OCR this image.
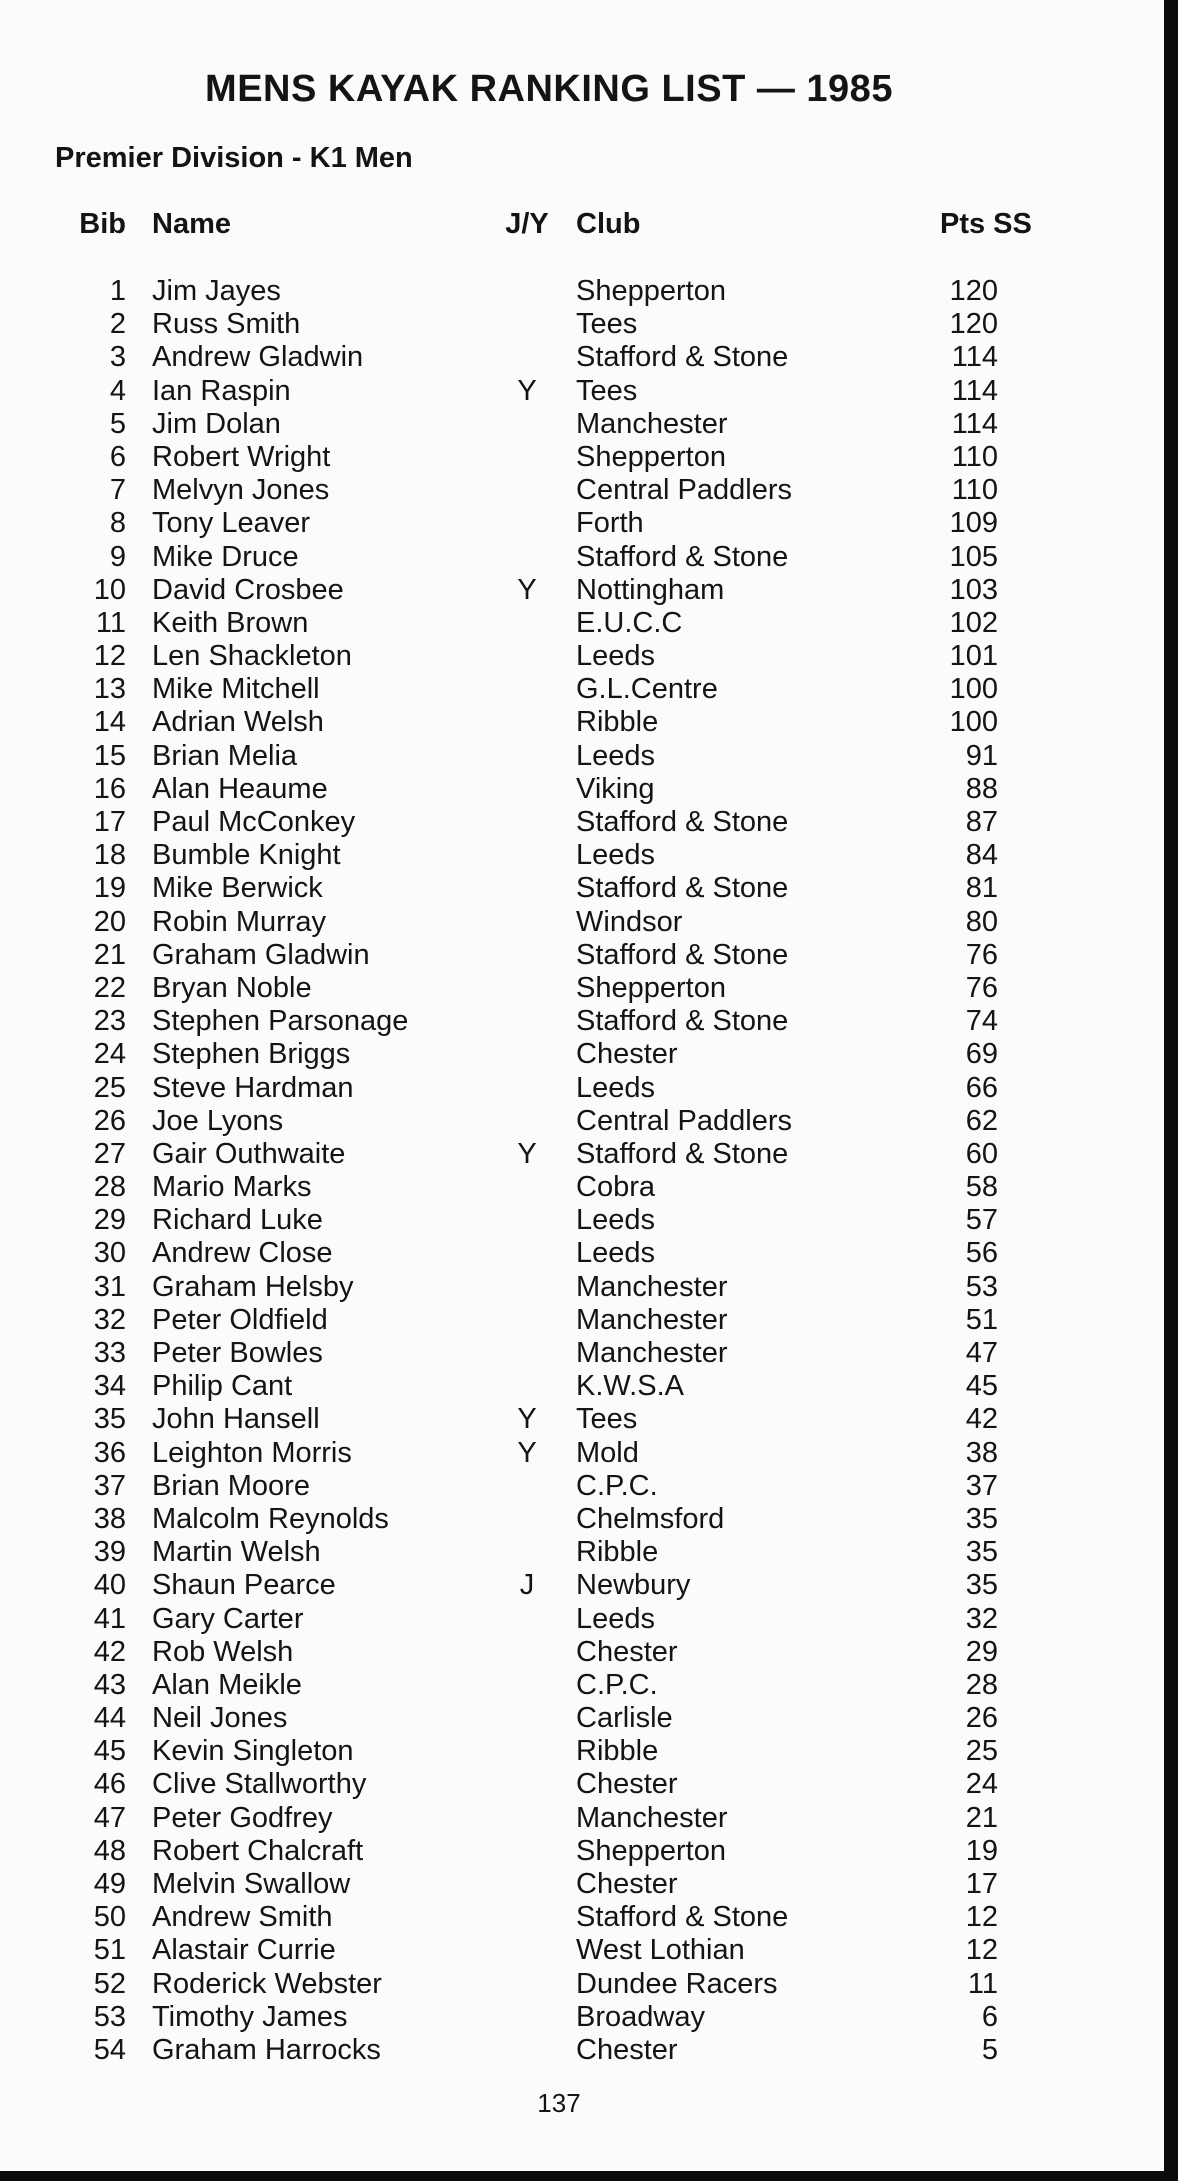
MENS KAYAK RANKING LIST — 1985
Premier Division - K1 Men
Bib Name	J/Y Club	Pts SS
1 Jim Jayes	Shepperton	120
2 Russ Smith	Tees	120
3 Andrew Gladwin	Stafford & Stone	114
4 Ian Raspin	Y	Tees	114
5 Jim Dolan	Manchester	114
6 Robert Wright	Shepperton	110
7 Melvyn Jones	Central Paddlers	110
8 Tony Leaver	Forth	109
9 Mike Druce	Stafford & Stone	105
10 David Crosbee	Y	Nottingham	103
11 Keith Brown	E.U.C.C	102
12 Len Shackleton	Leeds	101
13 Mike Mitchell	G.L.Centre	100
14 Adrian Welsh	Ribble	100
15 Brian Melia	Leeds	91
16 Alan Heaume	Viking	88
17 Paul McConkey	Stafford & Stone	87
18 Bumble Knight	Leeds	84
19 Mike Berwick	Stafford & Stone	81
20 Robin Murray	Windsor	80
21 Graham Gladwin	Stafford & Stone	76
22 Bryan Noble	Shepperton	76
23 Stephen Parsonage	Stafford & Stone	74
24 Stephen Briggs	Chester	69
25 Steve Hardman	Leeds	66
26 Joe Lyons	Central Paddlers	62
27 Gair Outhwaite	Y	Stafford & Stone	60
28 Mario Marks	Cobra	58
29 Richard Luke	Leeds	57
30 Andrew Close	Leeds	56
31 Graham Helsby	Manchester	53
32 Peter Oldfield	Manchester	51
33 Peter Bowles	Manchester	47
34 Philip Cant	K.W.S.A	45
35 John Hansell	Y	Tees	42
36 Leighton Morris	Y	Mold	38
37 Brian Moore	C.P.C.	37
38 Malcolm Reynolds	Chelmsford	35
39 Martin Welsh	Ribble	35
40 Shaun Pearce	J	Newbury	35
41 Gary Carter	Leeds	32
42 Rob Welsh	Chester	29
43 Alan Meikle	C.P.C.	28
44 Neil Jones	Carlisle	26
45 Kevin Singleton	Ribble	25
46 Clive Stallworthy	Chester	24
47 Peter Godfrey	Manchester	21
48 Robert Chalcraft	Shepperton	19
49 Melvin Swallow	Chester	17
50 Andrew Smith	Stafford & Stone	12
51 Alastair Currie	West Lothian	12
52 Roderick Webster	Dundee Racers	11
53 Timothy James	Broadway	6
54 Graham Harrocks	Chester	5
137
